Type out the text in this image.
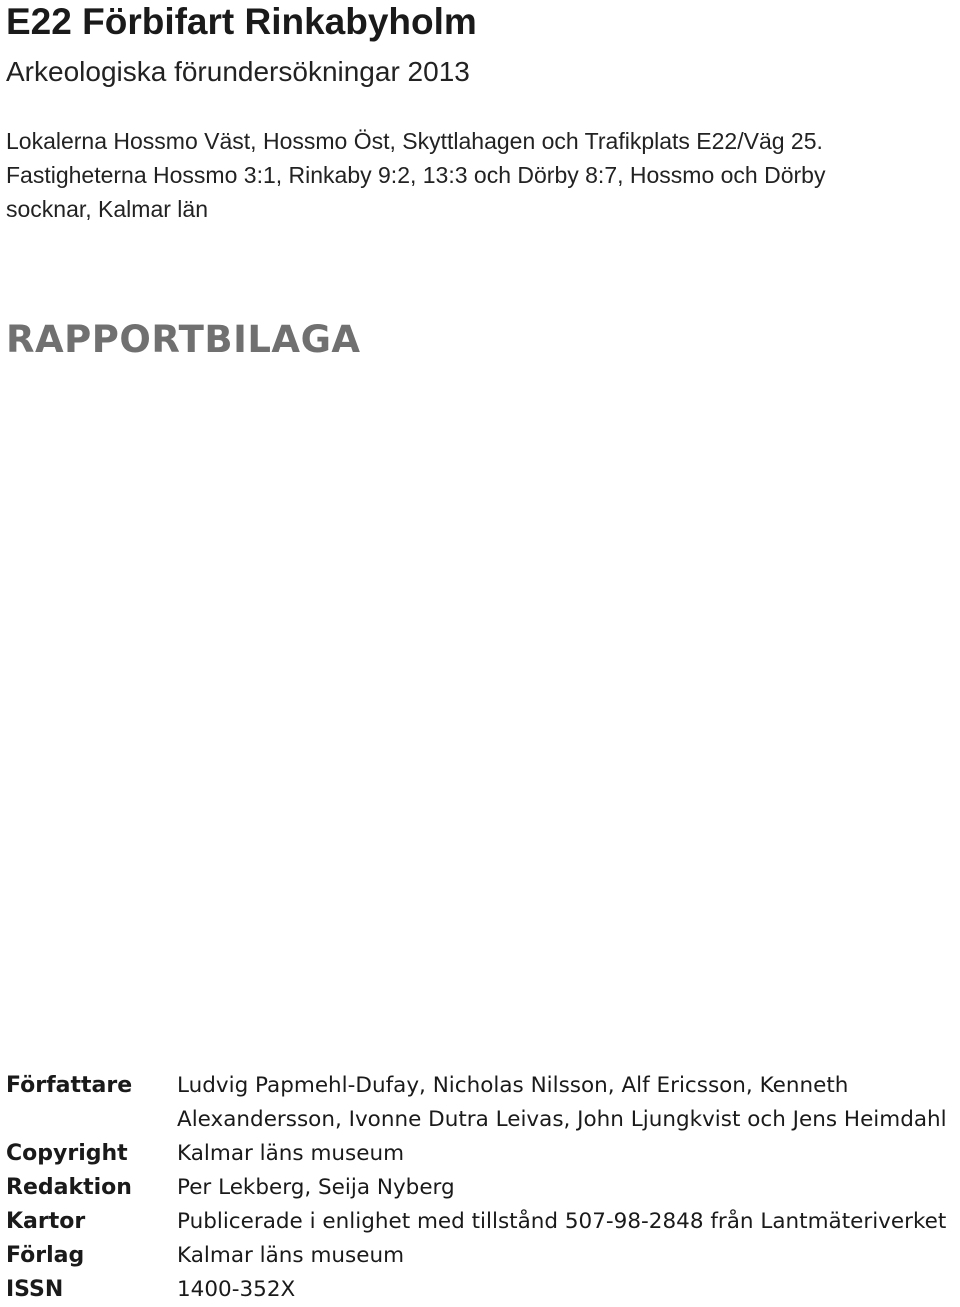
E22 Förbifart Rinkabyholm
Arkeologiska förundersökningar 2013
Lokalerna Hossmo Väst, Hossmo Öst, Skyttlahagen och Trafikplats E22/Väg 25.
Fastigheterna Hossmo 3:1, Rinkaby 9:2, 13:3 och Dörby 8:7, Hossmo och Dörby
socknar, Kalmar län
RAPPORTBILAGA
Författare	Ludvig Papmehl-Dufay, Nicholas Nilsson, Alf Ericsson, Kenneth
Alexandersson, Ivonne Dutra Leivas, John Ljungkvist och Jens Heimdahl
Copyright	Kalmar läns museum
Redaktion	Per Lekberg, Seija Nyberg
Kartor	Publicerade i enlighet med tillstånd 507-98-2848 från Lantmäteriverket
Förlag	Kalmar läns museum
ISSN	1400-352X
